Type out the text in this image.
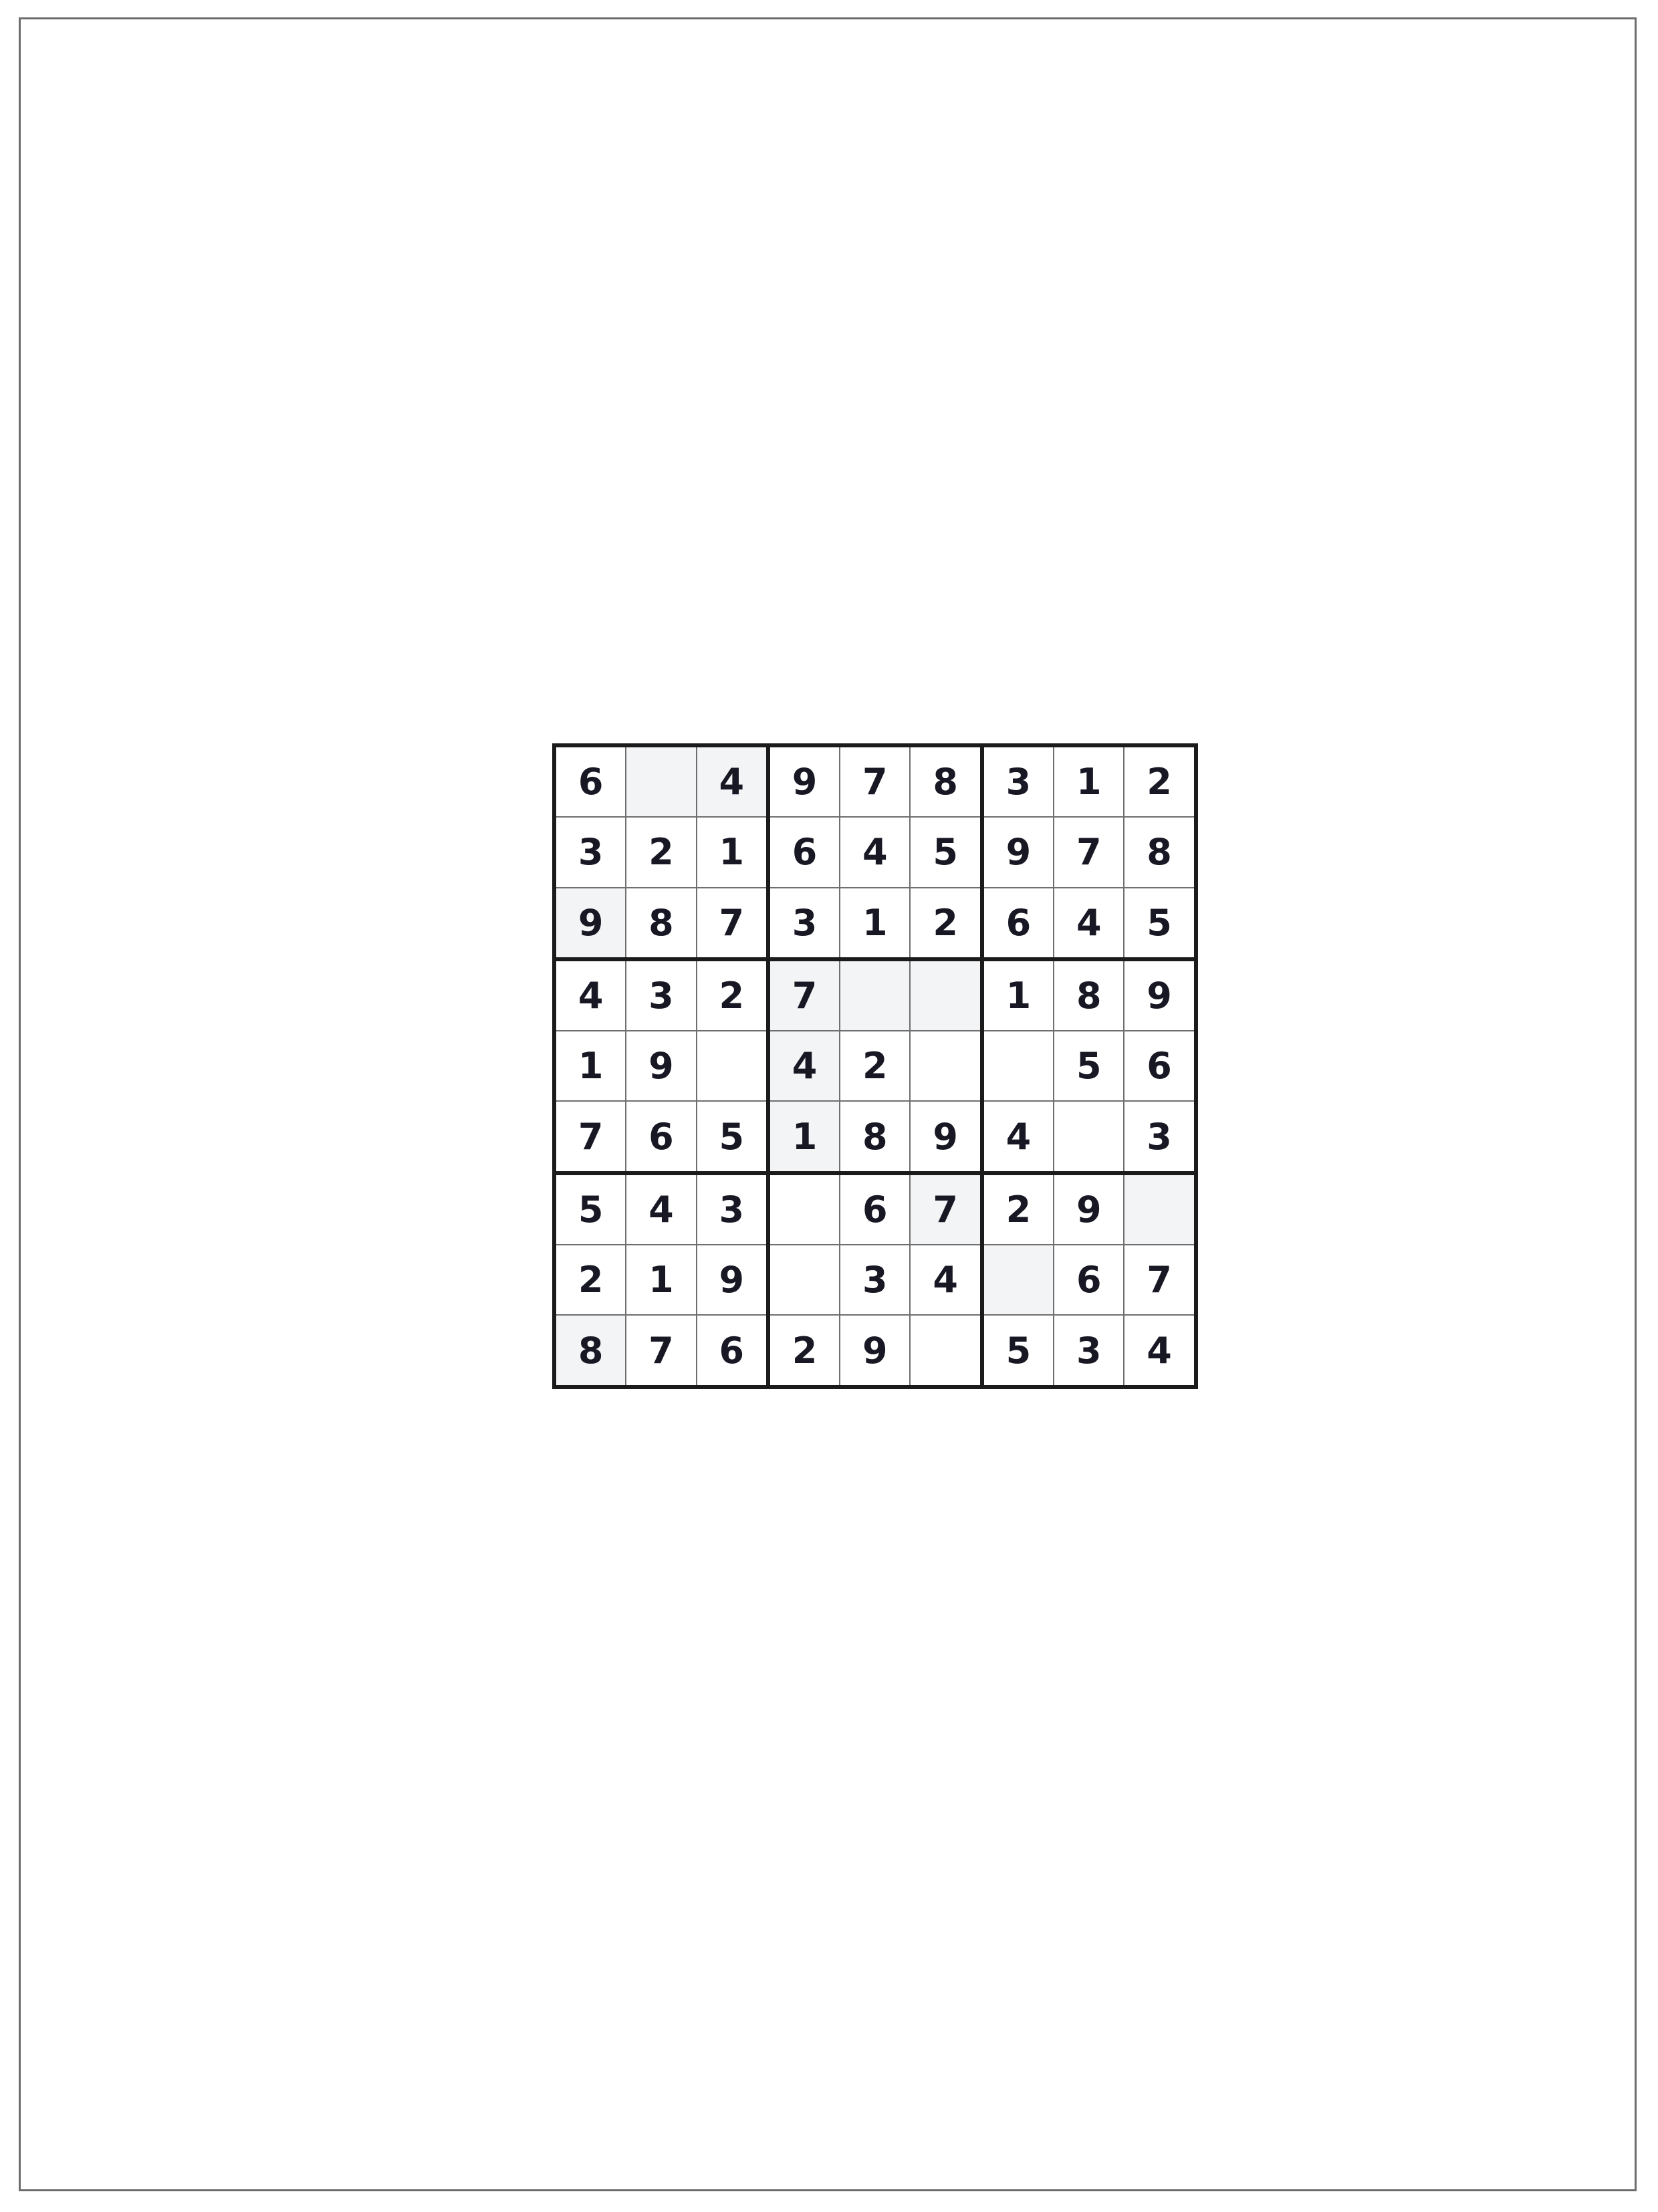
6		4	9	7	8	3	1	2
3	2	1	6	4	5	9	7	8
9	8	7	3	1	2	6	4	5
4	3	2	7			1	8	9
1	9		4	2			5	6
7	6	5	1	8	9	4		3
5	4	3		6	7	2	9	
2	1	9		3	4		6	7
8	7	6	2	9		5	3	4
